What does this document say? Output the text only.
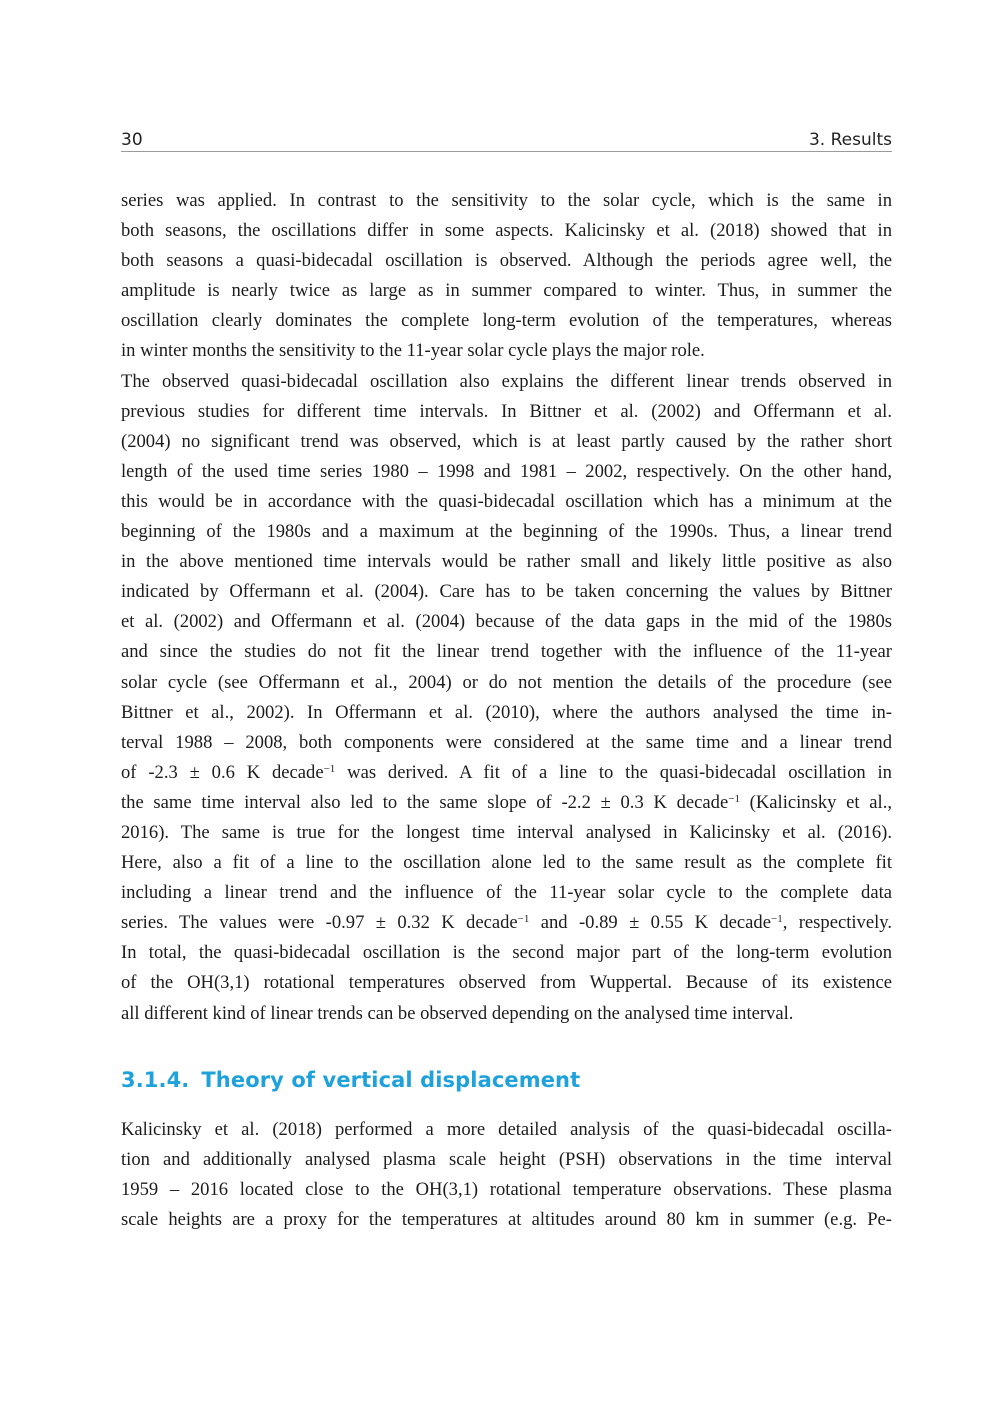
30	3. Results

series was applied. In contrast to the sensitivity to the solar cycle, which is the same in
both seasons, the oscillations differ in some aspects. Kalicinsky et al. (2018) showed that in
both seasons a quasi-bidecadal oscillation is observed. Although the periods agree well, the
amplitude is nearly twice as large as in summer compared to winter. Thus, in summer the
oscillation clearly dominates the complete long-term evolution of the temperatures, whereas
in winter months the sensitivity to the 11-year solar cycle plays the major role.

The observed quasi-bidecadal oscillation also explains the different linear trends observed in
previous studies for different time intervals. In Bittner et al. (2002) and Offermann et al.
(2004) no significant trend was observed, which is at least partly caused by the rather short
length of the used time series 1980 – 1998 and 1981 – 2002, respectively. On the other hand,
this would be in accordance with the quasi-bidecadal oscillation which has a minimum at the
beginning of the 1980s and a maximum at the beginning of the 1990s. Thus, a linear trend
in the above mentioned time intervals would be rather small and likely little positive as also
indicated by Offermann et al. (2004). Care has to be taken concerning the values by Bittner
et al. (2002) and Offermann et al. (2004) because of the data gaps in the mid of the 1980s
and since the studies do not fit the linear trend together with the influence of the 11-year
solar cycle (see Offermann et al., 2004) or do not mention the details of the procedure (see
Bittner et al., 2002). In Offermann et al. (2010), where the authors analysed the time in-
terval 1988 – 2008, both components were considered at the same time and a linear trend
of -2.3 ± 0.6 K decade$^{-1}$ was derived. A fit of a line to the quasi-bidecadal oscillation in
the same time interval also led to the same slope of -2.2 ± 0.3 K decade$^{-1}$ (Kalicinsky et al.,
2016). The same is true for the longest time interval analysed in Kalicinsky et al. (2016).
Here, also a fit of a line to the oscillation alone led to the same result as the complete fit
including a linear trend and the influence of the 11-year solar cycle to the complete data
series. The values were -0.97 ± 0.32 K decade$^{-1}$ and -0.89 ± 0.55 K decade$^{-1}$, respectively.
In total, the quasi-bidecadal oscillation is the second major part of the long-term evolution
of the OH(3,1) rotational temperatures observed from Wuppertal. Because of its existence
all different kind of linear trends can be observed depending on the analysed time interval.

3.1.4. Theory of vertical displacement

Kalicinsky et al. (2018) performed a more detailed analysis of the quasi-bidecadal oscilla-
tion and additionally analysed plasma scale height (PSH) observations in the time interval
1959 – 2016 located close to the OH(3,1) rotational temperature observations. These plasma
scale heights are a proxy for the temperatures at altitudes around 80 km in summer (e.g. Pe-
